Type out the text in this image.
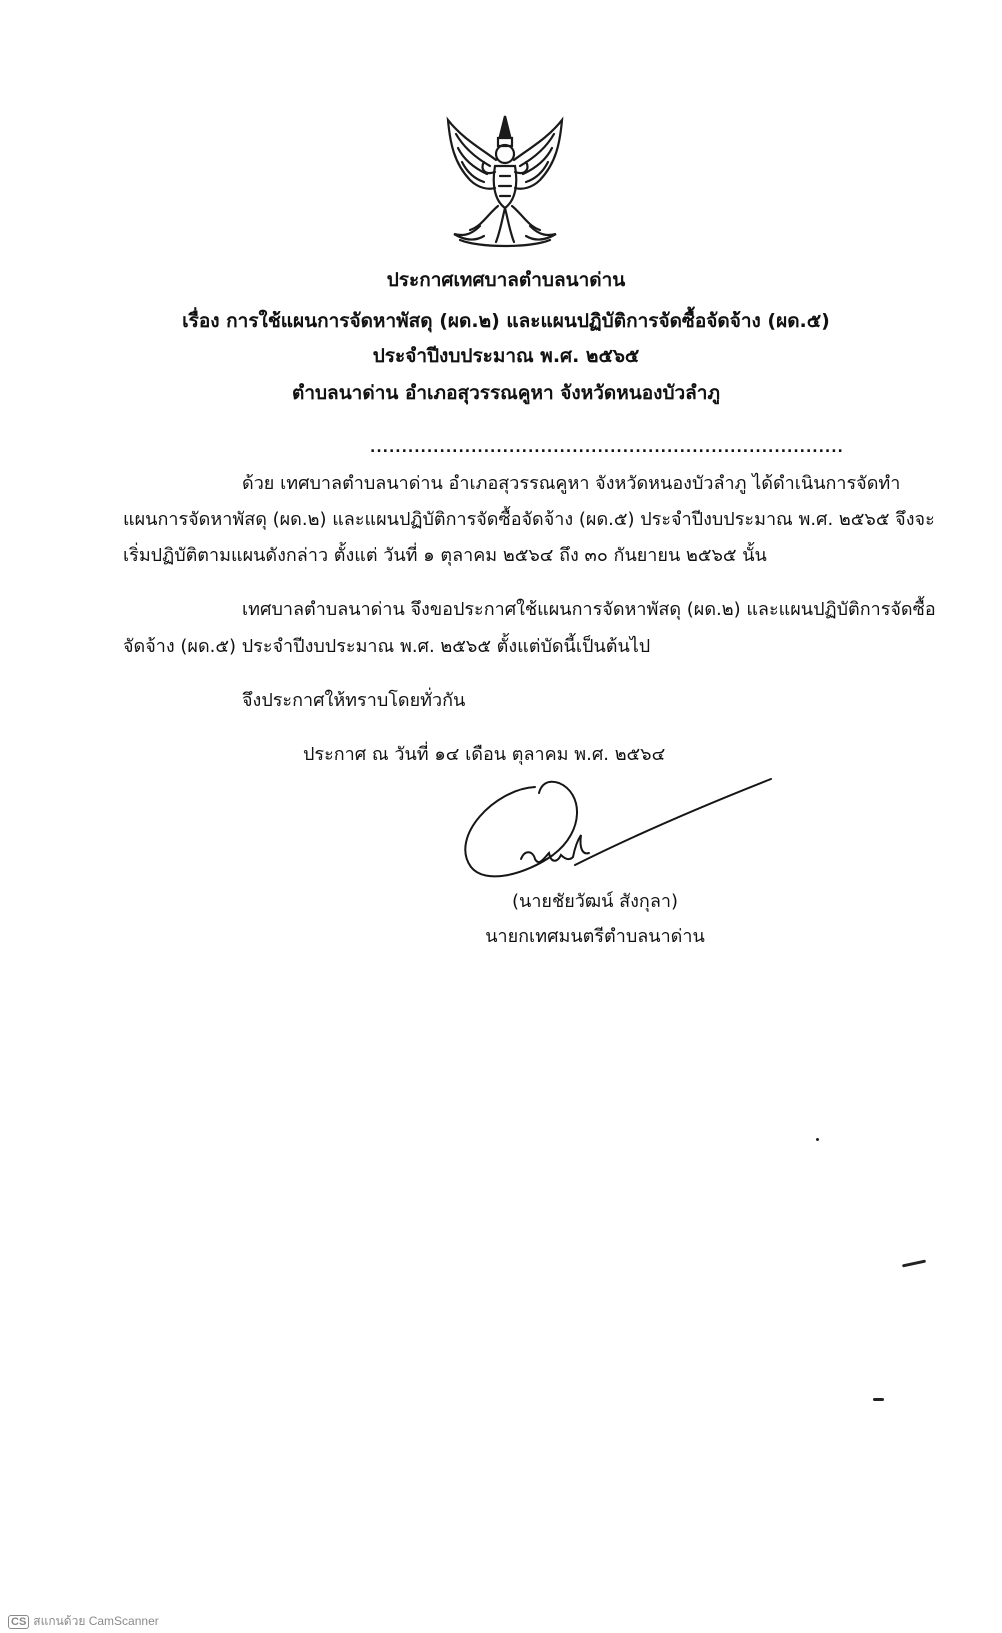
ประกาศเทศบาลตำบลนาด่าน
เรื่อง การใช้แผนการจัดหาพัสดุ (ผด.๒) และแผนปฏิบัติการจัดซื้อจัดจ้าง (ผด.๕)
ประจำปีงบประมาณ พ.ศ. ๒๕๖๕
ตำบลนาด่าน อำเภอสุวรรณคูหา จังหวัดหนองบัวลำภู
...........................................................................
ด้วย เทศบาลตำบลนาด่าน อำเภอสุวรรณคูหา จังหวัดหนองบัวลำภู ได้ดำเนินการจัดทำ
แผนการจัดหาพัสดุ (ผด.๒) และแผนปฏิบัติการจัดซื้อจัดจ้าง (ผด.๕) ประจำปีงบประมาณ พ.ศ. ๒๕๖๕ จึงจะ
เริ่มปฏิบัติตามแผนดังกล่าว ตั้งแต่ วันที่ ๑ ตุลาคม ๒๕๖๔ ถึง ๓๐ กันยายน ๒๕๖๕ นั้น
เทศบาลตำบลนาด่าน จึงขอประกาศใช้แผนการจัดหาพัสดุ (ผด.๒) และแผนปฏิบัติการจัดซื้อ
จัดจ้าง (ผด.๕) ประจำปีงบประมาณ พ.ศ. ๒๕๖๕ ตั้งแต่บัดนี้เป็นต้นไป
จึงประกาศให้ทราบโดยทั่วกัน
ประกาศ ณ วันที่ ๑๔ เดือน ตุลาคม พ.ศ. ๒๕๖๔
(นายชัยวัฒน์ สังกุลา)
นายกเทศมนตรีตำบลนาด่าน
CS สแกนด้วย CamScanner
